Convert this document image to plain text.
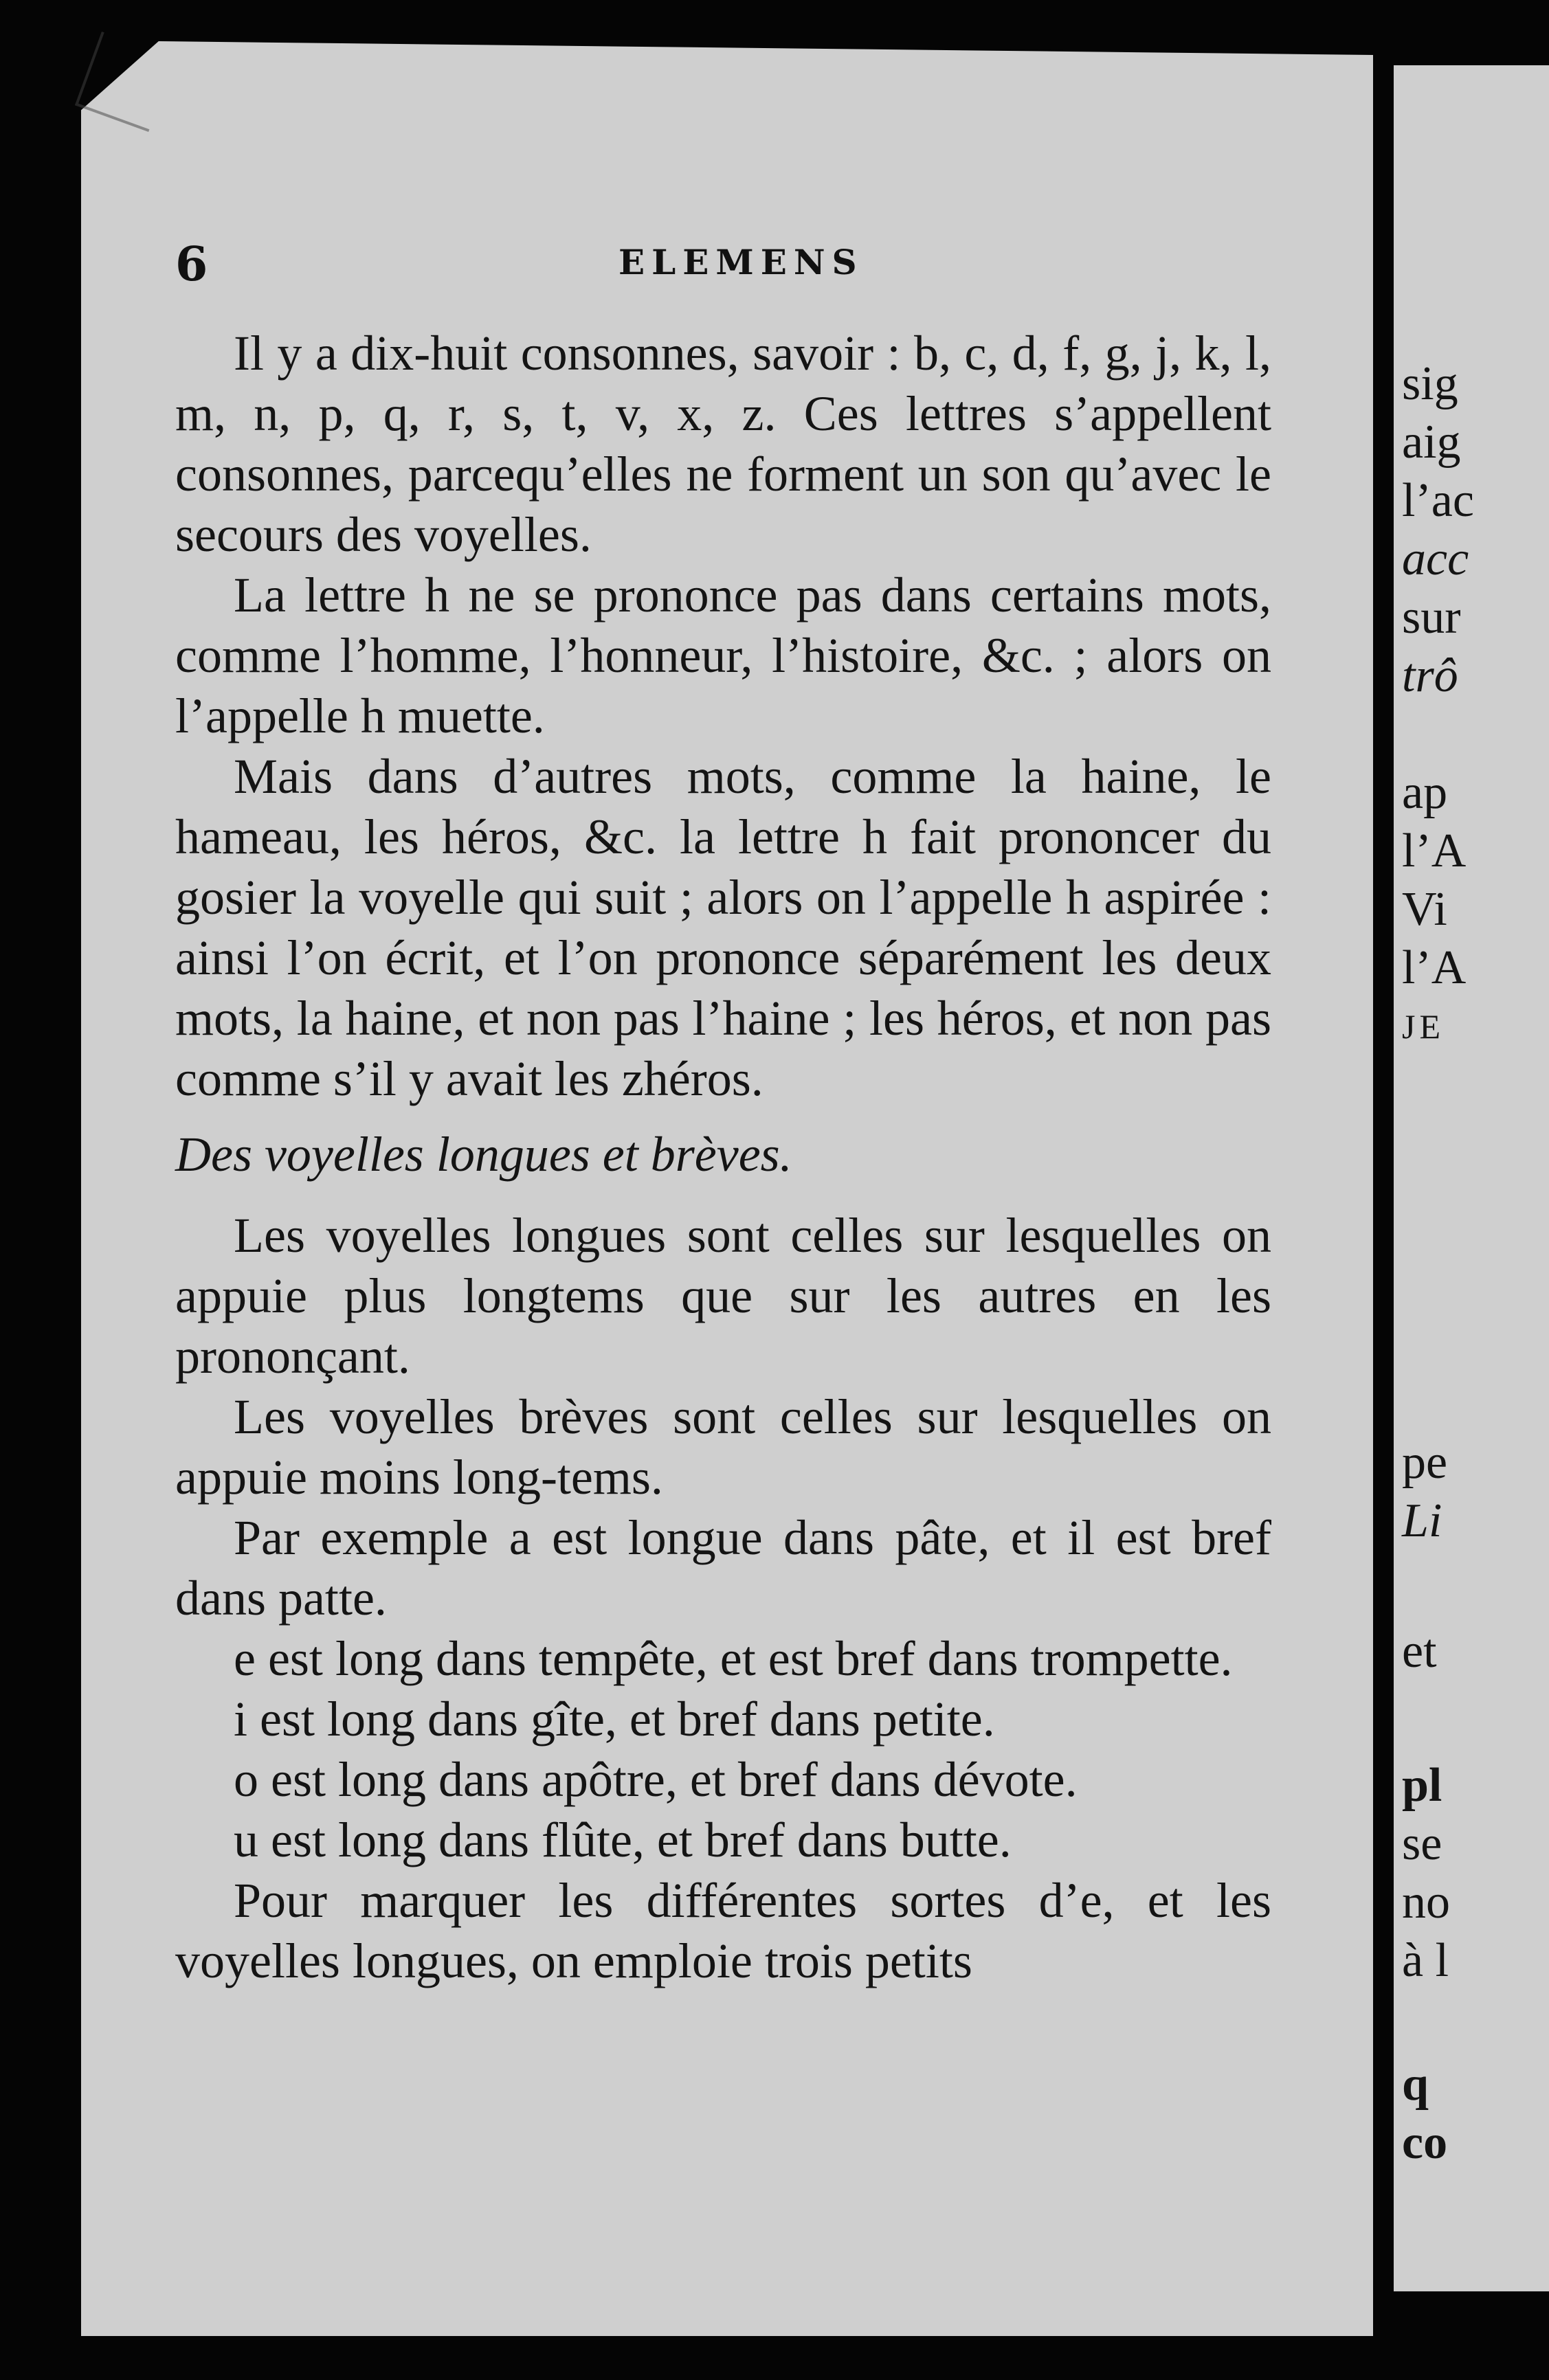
sig
aig
l’ac
acc
sur
trô
ap
l’A
Vi
l’A
JE
pe
Li
et
pl
se
no
à l
q
co
6	ELEMENS

Il y a dix-huit consonnes, savoir : b, c, d, f, g, j, k, l, m, n, p, q, r, s, t, v, x, z. Ces lettres s’appellent consonnes, parcequ’elles ne forment un son qu’avec le secours des voyelles.

La lettre h ne se prononce pas dans certains mots, comme l’homme, l’honneur, l’histoire, &c. ; alors on l’appelle h muette.

Mais dans d’autres mots, comme la haine, le hameau, les héros, &c. la lettre h fait prononcer du gosier la voyelle qui suit ; alors on l’appelle h aspirée : ainsi l’on écrit, et l’on prononce séparément les deux mots, la haine, et non pas l’haine ; les héros, et non pas comme s’il y avait les zhéros.

Des voyelles longues et brèves.

Les voyelles longues sont celles sur lesquelles on appuie plus longtems que sur les autres en les prononçant.

Les voyelles brèves sont celles sur lesquelles on appuie moins long-tems.

Par exemple a est longue dans pâte, et il est bref dans patte.

e est long dans tempête, et est bref dans trompette.

i est long dans gîte, et bref dans petite.

o est long dans apôtre, et bref dans dévote.

u est long dans flûte, et bref dans butte.

Pour marquer les différentes sortes d’e, et les voyelles longues, on emploie trois petits
